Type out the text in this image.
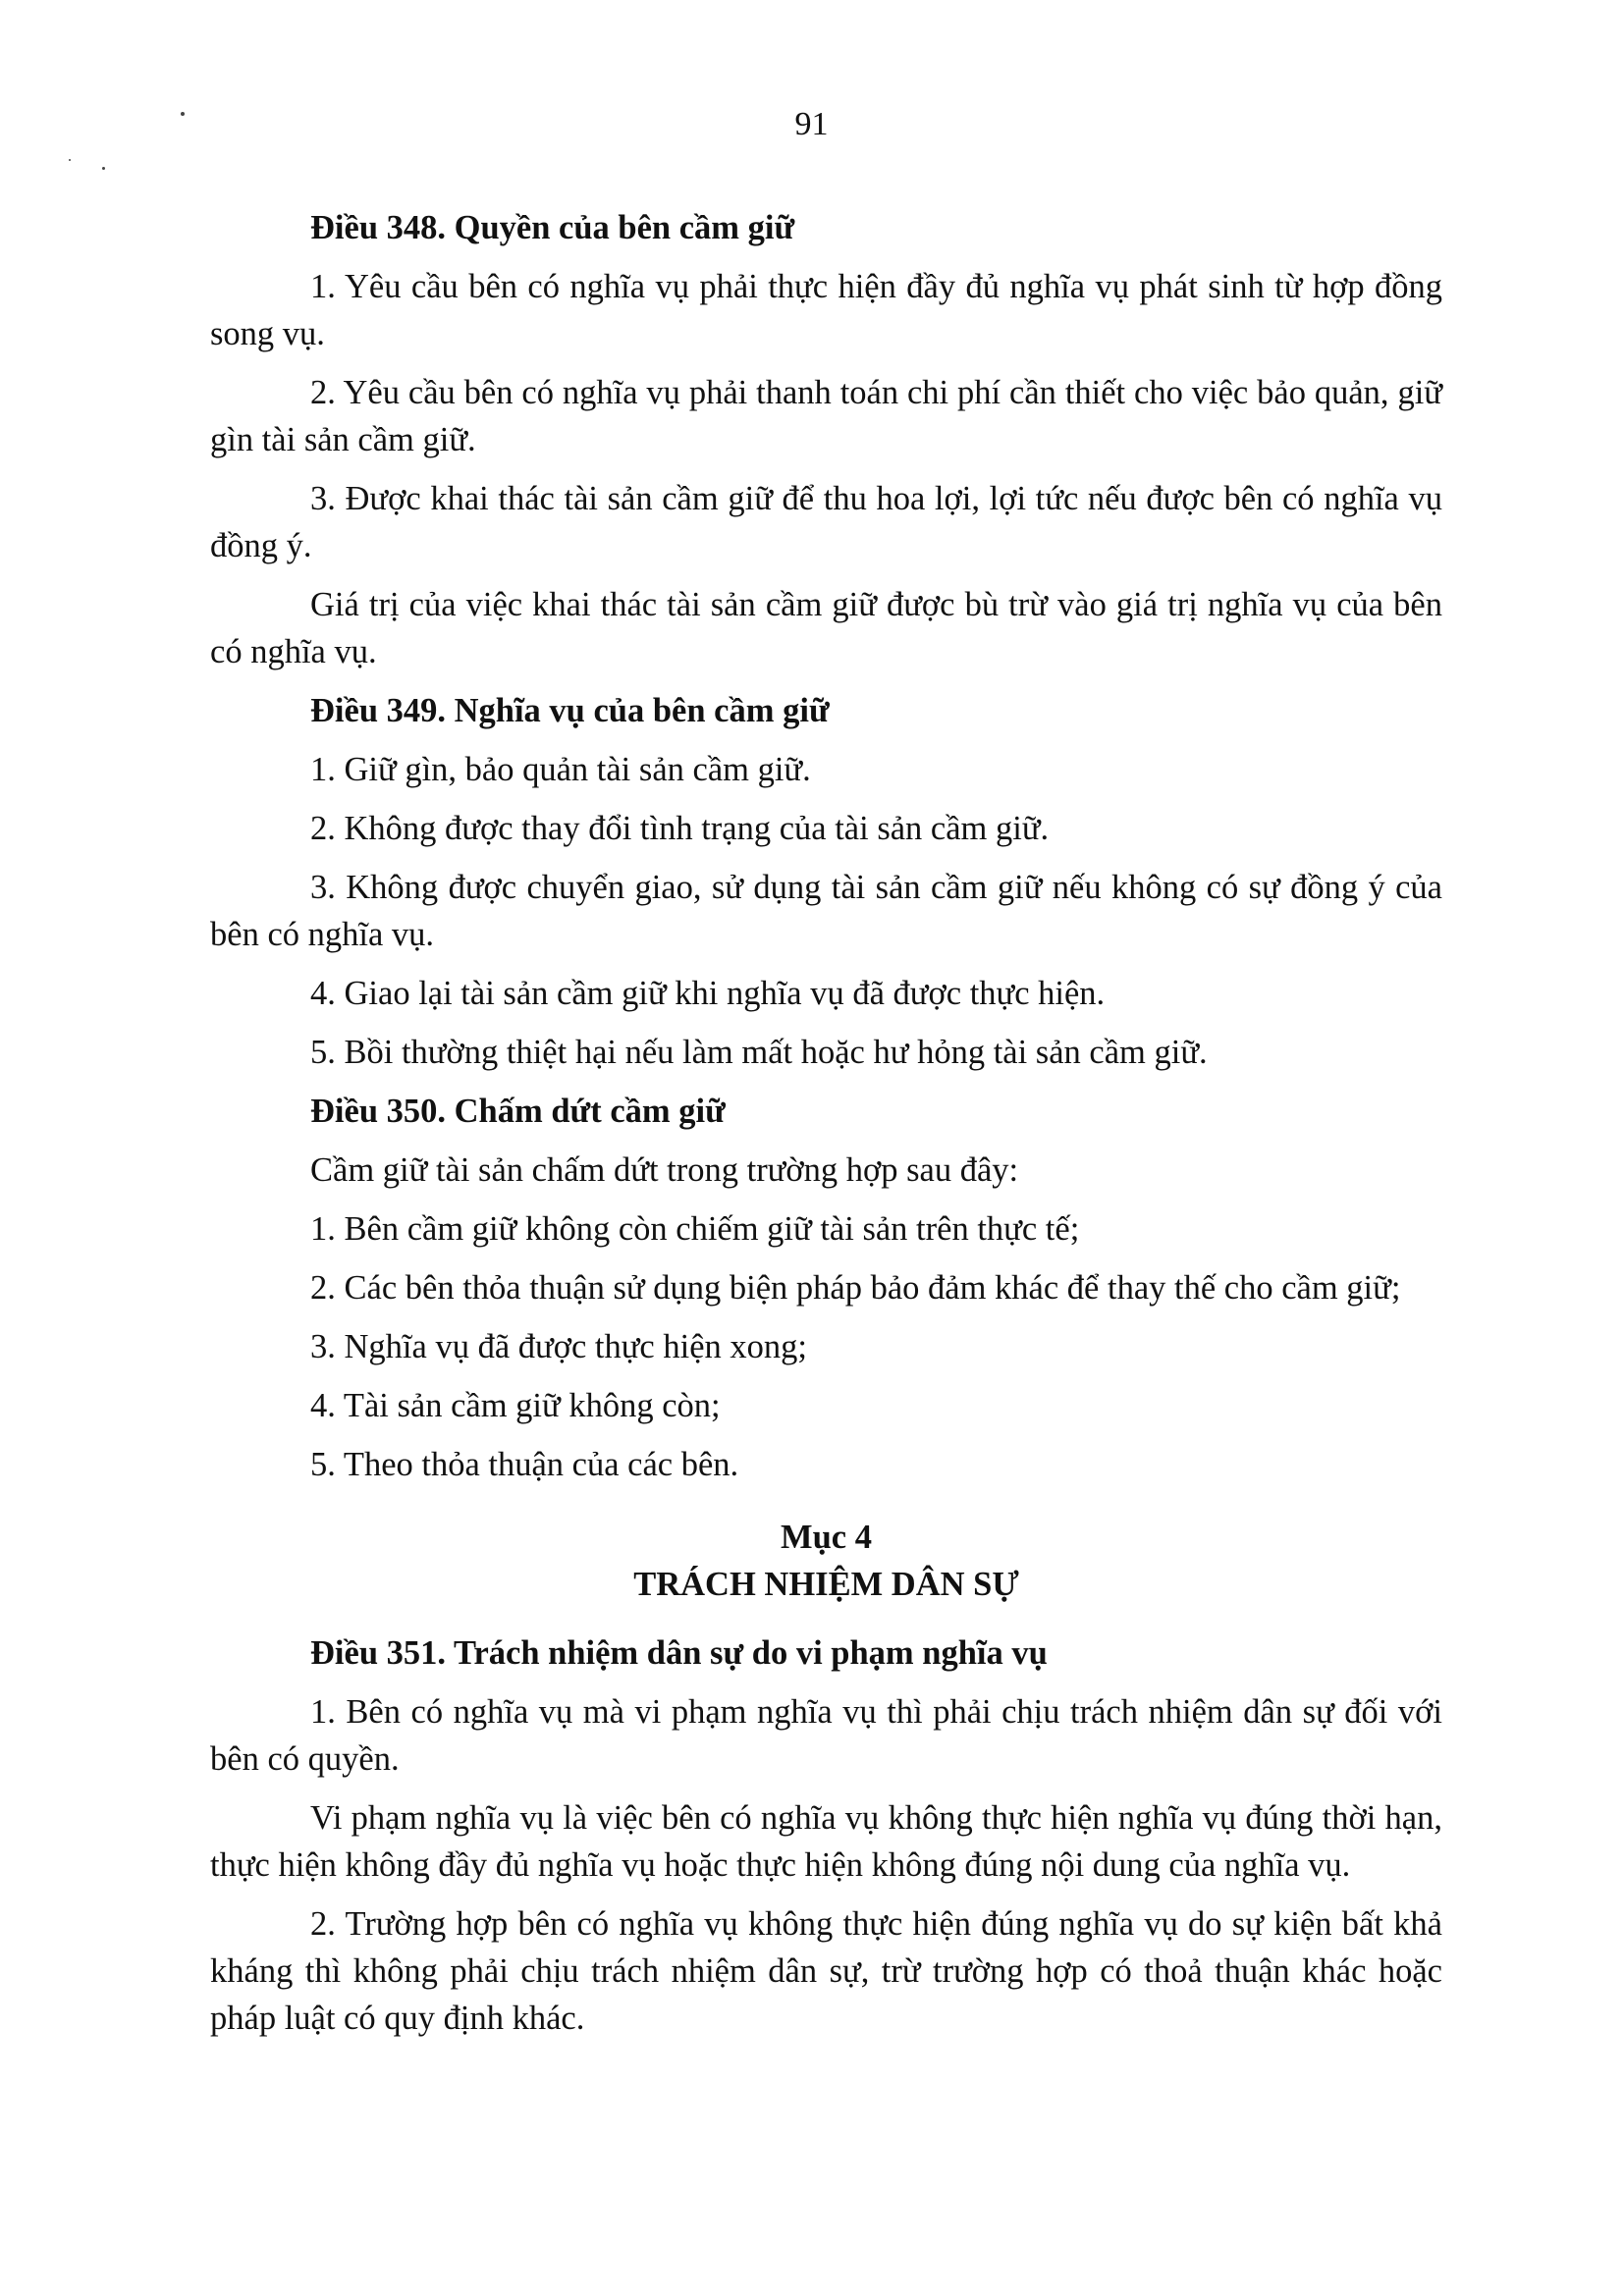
91
Điều 348. Quyền của bên cầm giữ
1. Yêu cầu bên có nghĩa vụ phải thực hiện đầy đủ nghĩa vụ phát sinh từ hợp đồng song vụ.
2. Yêu cầu bên có nghĩa vụ phải thanh toán chi phí cần thiết cho việc bảo quản, giữ gìn tài sản cầm giữ.
3. Được khai thác tài sản cầm giữ để thu hoa lợi, lợi tức nếu được bên có nghĩa vụ đồng ý.
Giá trị của việc khai thác tài sản cầm giữ được bù trừ vào giá trị nghĩa vụ của bên có nghĩa vụ.
Điều 349. Nghĩa vụ của bên cầm giữ
1. Giữ gìn, bảo quản tài sản cầm giữ.
2. Không được thay đổi tình trạng của tài sản cầm giữ.
3. Không được chuyển giao, sử dụng tài sản cầm giữ nếu không có sự đồng ý của bên có nghĩa vụ.
4. Giao lại tài sản cầm giữ khi nghĩa vụ đã được thực hiện.
5. Bồi thường thiệt hại nếu làm mất hoặc hư hỏng tài sản cầm giữ.
Điều 350. Chấm dứt cầm giữ
Cầm giữ tài sản chấm dứt trong trường hợp sau đây:
1. Bên cầm giữ không còn chiếm giữ tài sản trên thực tế;
2. Các bên thỏa thuận sử dụng biện pháp bảo đảm khác để thay thế cho cầm giữ;
3. Nghĩa vụ đã được thực hiện xong;
4. Tài sản cầm giữ không còn;
5. Theo thỏa thuận của các bên.
Mục 4
TRÁCH NHIỆM DÂN SỰ
Điều 351. Trách nhiệm dân sự do vi phạm nghĩa vụ
1. Bên có nghĩa vụ mà vi phạm nghĩa vụ thì phải chịu trách nhiệm dân sự đối với bên có quyền.
Vi phạm nghĩa vụ là việc bên có nghĩa vụ không thực hiện nghĩa vụ đúng thời hạn, thực hiện không đầy đủ nghĩa vụ hoặc thực hiện không đúng nội dung của nghĩa vụ.
2. Trường hợp bên có nghĩa vụ không thực hiện đúng nghĩa vụ do sự kiện bất khả kháng thì không phải chịu trách nhiệm dân sự, trừ trường hợp có thoả thuận khác hoặc pháp luật có quy định khác.
